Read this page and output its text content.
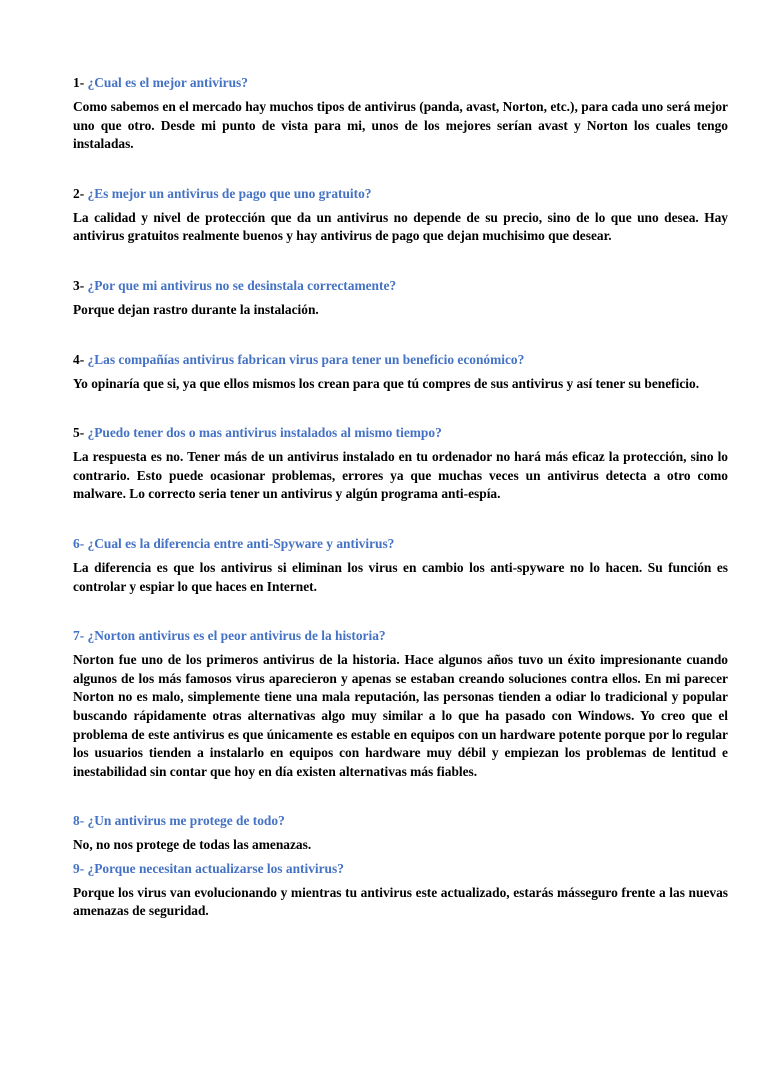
1- ¿Cual es el mejor antivirus?

Como sabemos en el mercado hay muchos tipos de antivirus (panda, avast, Norton, etc.), para cada uno será mejor uno que otro. Desde mi punto de vista para mi, unos de los mejores serían avast y Norton los cuales tengo instaladas.

2- ¿Es mejor un antivirus de pago que uno gratuito?

La calidad y nivel de protección que da un antivirus no depende de su precio, sino de lo que uno desea. Hay antivirus gratuitos realmente buenos y hay antivirus de pago que dejan muchisimo que desear.

3- ¿Por que mi antivirus no se desinstala correctamente?

Porque dejan rastro durante la instalación.

4- ¿Las compañías antivirus fabrican virus para tener un beneficio económico?

Yo opinaría que si, ya que ellos mismos los crean para que tú compres de sus antivirus y así tener su beneficio.

5- ¿Puedo tener dos o mas antivirus instalados al mismo tiempo?

La respuesta es no. Tener más de un antivirus instalado en tu ordenador no hará más eficaz la protección, sino lo contrario. Esto puede ocasionar problemas, errores ya que muchas veces un antivirus detecta a otro como malware. Lo correcto seria tener un antivirus y algún programa anti-espía.

6- ¿Cual es la diferencia entre anti-Spyware y antivirus?

La diferencia es que los antivirus si eliminan los virus en cambio los anti-spyware no lo hacen. Su función es controlar y espiar lo que haces en Internet.

7- ¿Norton antivirus es el peor antivirus de la historia?

Norton fue uno de los primeros antivirus de la historia. Hace algunos años tuvo un éxito impresionante cuando algunos de los más famosos virus aparecieron y apenas se estaban creando soluciones contra ellos. En mi parecer Norton no es malo, simplemente tiene una mala reputación, las personas tienden a odiar lo tradicional y popular buscando rápidamente otras alternativas algo muy similar a lo que ha pasado con Windows. Yo creo que el problema de este antivirus es que únicamente es estable en equipos con un hardware potente porque por lo regular los usuarios tienden a instalarlo en equipos con hardware muy débil y empiezan los problemas de lentitud e inestabilidad sin contar que hoy en día existen alternativas más fiables.

8- ¿Un antivirus me protege de todo?

No, no nos protege de todas las amenazas.

9- ¿Porque necesitan actualizarse los antivirus?

Porque los virus van evolucionando y mientras tu antivirus este actualizado, estarás másseguro frente a las nuevas amenazas de seguridad.
